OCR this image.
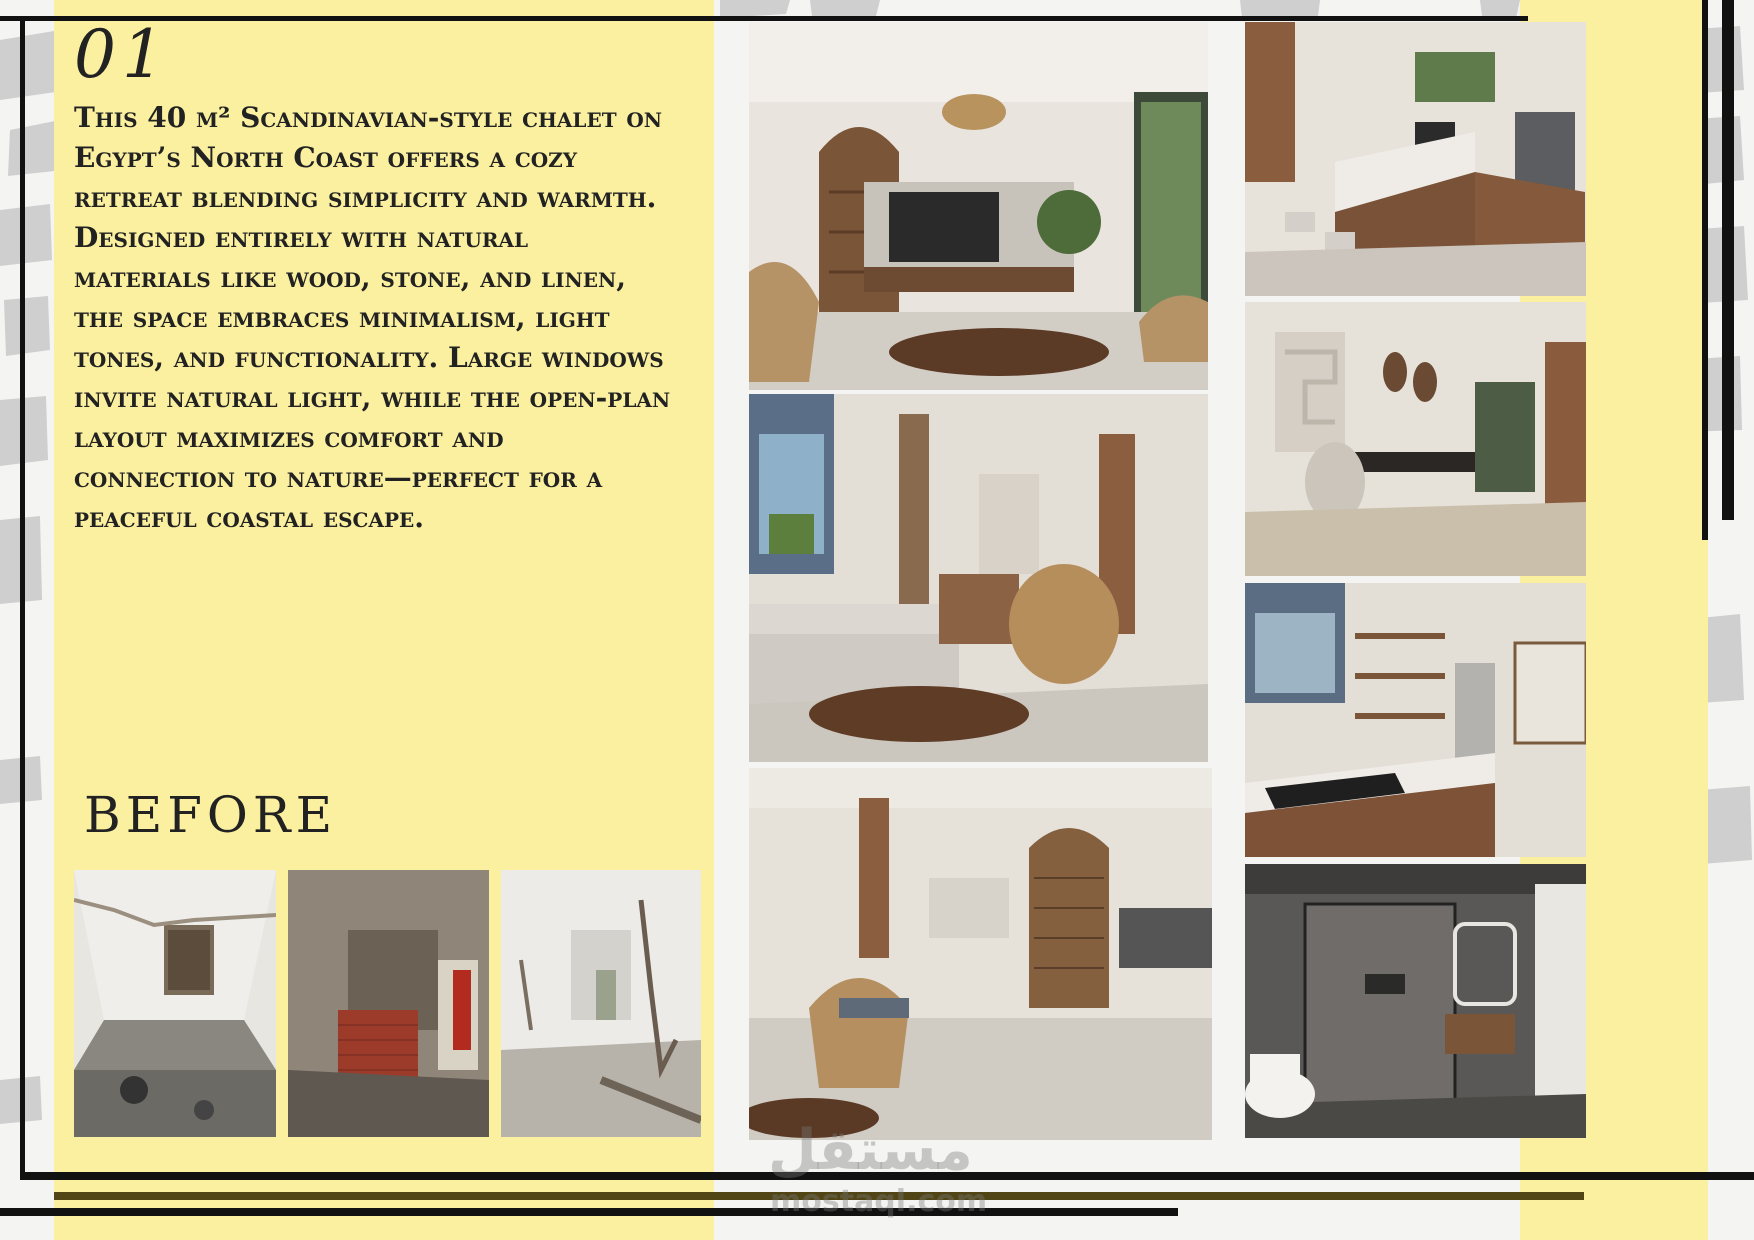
01

This 40 m² Scandinavian-style chalet on Egypt’s North Coast offers a cozy retreat blending simplicity and warmth. Designed entirely with natural materials like wood, stone, and linen, the space embraces minimalism, light tones, and functionality. Large windows invite natural light, while the open-plan layout maximizes comfort and connection to nature—perfect for a peaceful coastal escape.

BEFORE
مستقل
mostaql.com
